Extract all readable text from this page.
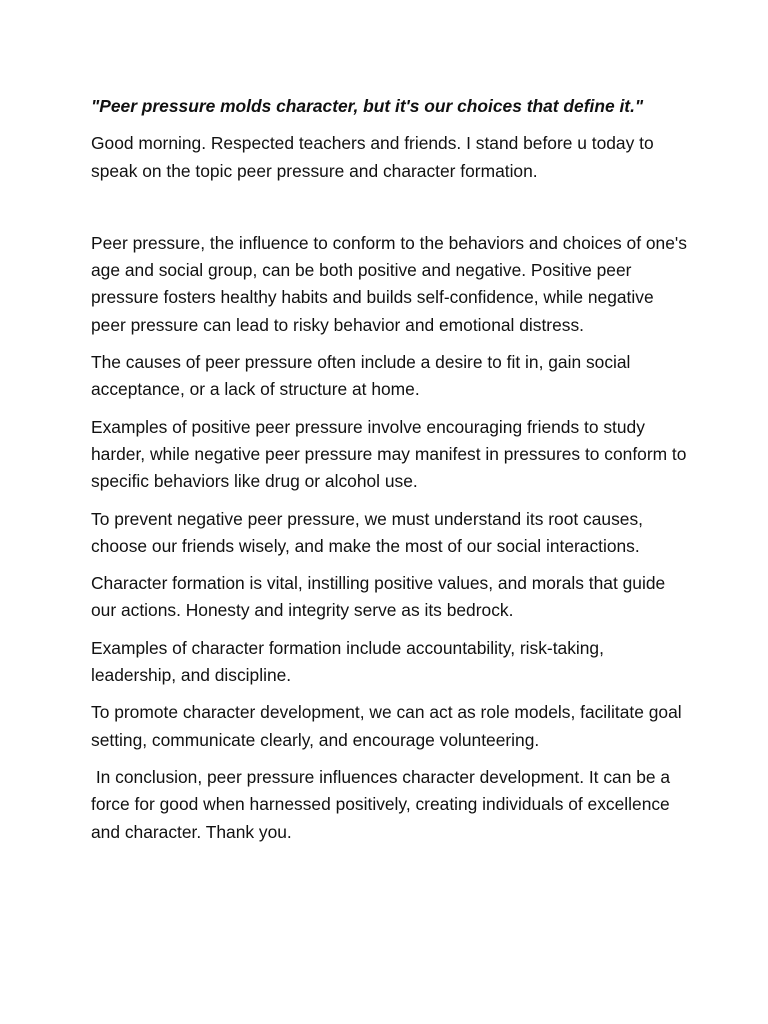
"Peer pressure molds character, but it's our choices that define it."

Good morning. Respected teachers and friends. I stand before u today to speak on the topic peer pressure and character formation.

Peer pressure, the influence to conform to the behaviors and choices of one's age and social group, can be both positive and negative. Positive peer pressure fosters healthy habits and builds self-confidence, while negative peer pressure can lead to risky behavior and emotional distress.

The causes of peer pressure often include a desire to fit in, gain social acceptance, or a lack of structure at home.

Examples of positive peer pressure involve encouraging friends to study harder, while negative peer pressure may manifest in pressures to conform to specific behaviors like drug or alcohol use.

To prevent negative peer pressure, we must understand its root causes, choose our friends wisely, and make the most of our social interactions.

Character formation is vital, instilling positive values, and morals that guide our actions. Honesty and integrity serve as its bedrock.

Examples of character formation include accountability, risk-taking, leadership, and discipline.

To promote character development, we can act as role models, facilitate goal setting, communicate clearly, and encourage volunteering.

In conclusion, peer pressure influences character development. It can be a force for good when harnessed positively, creating individuals of excellence and character. Thank you.
